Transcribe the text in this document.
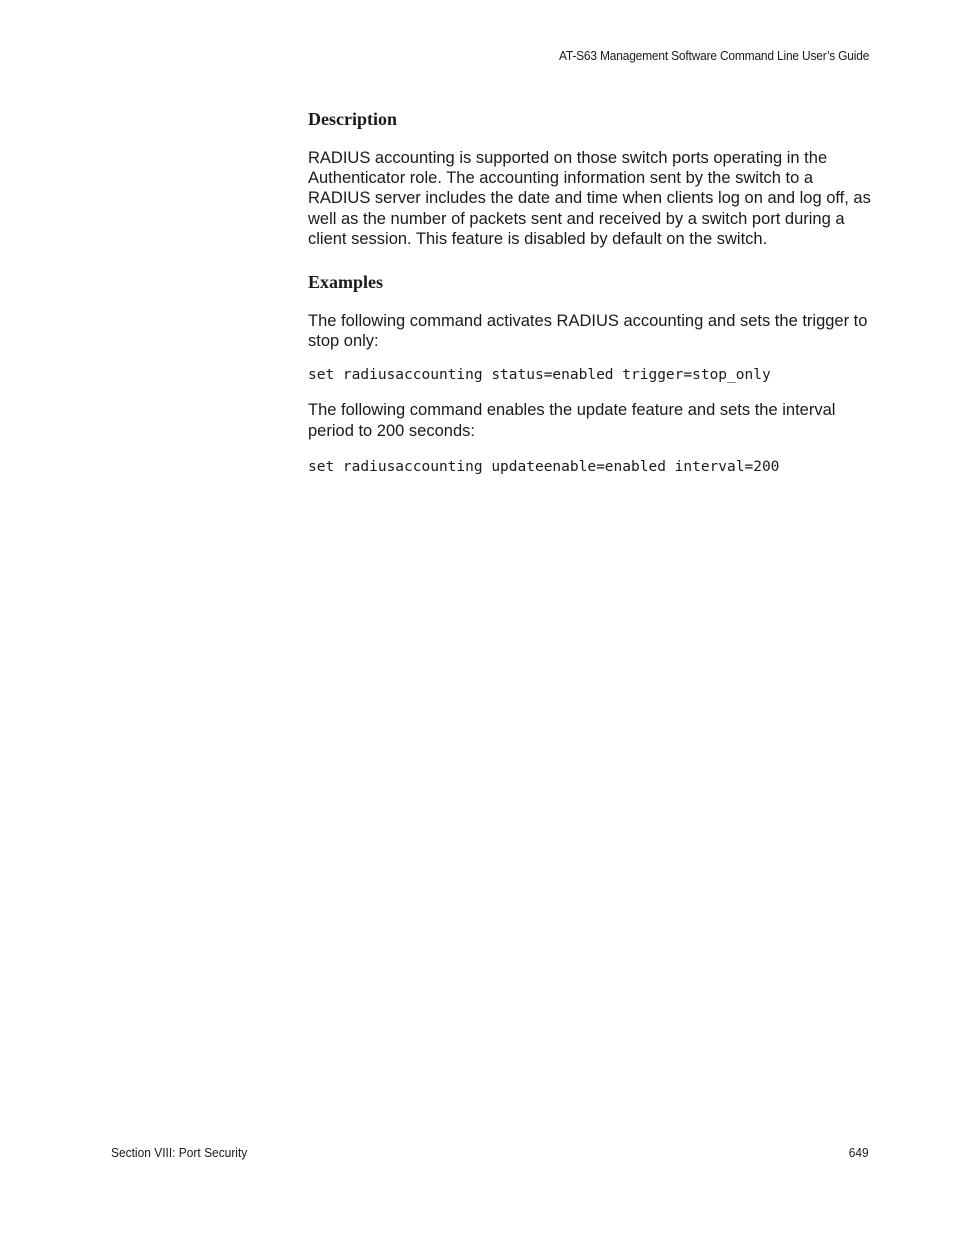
AT-S63 Management Software Command Line User’s Guide
Description

RADIUS accounting is supported on those switch ports operating in the Authenticator role. The accounting information sent by the switch to a RADIUS server includes the date and time when clients log on and log off, as well as the number of packets sent and received by a switch port during a client session. This feature is disabled by default on the switch.

Examples

The following command activates RADIUS accounting and sets the trigger to stop only:

set radiusaccounting status=enabled trigger=stop_only

The following command enables the update feature and sets the interval period to 200 seconds:

set radiusaccounting updateenable=enabled interval=200
Section VIII: Port Security	649
